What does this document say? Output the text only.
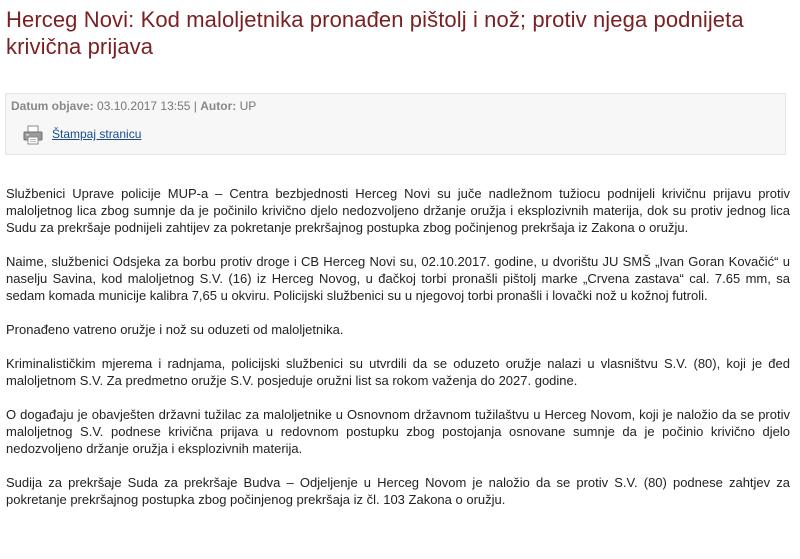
Herceg Novi: Kod maloljetnika pronađen pištolj i nož; protiv njega podnijeta krivična prijava
Datum objave: 03.10.2017 13:55 | Autor: UP
Štampaj stranicu

Službenici Uprave policije MUP-a – Centra bezbjednosti Herceg Novi su juče nadležnom tužiocu podnijeli krivičnu prijavu protiv maloljetnog lica zbog sumnje da je počinilo krivično djelo nedozvoljeno držanje oružja i eksplozivnih materija, dok su protiv jednog lica Sudu za prekršaje podnijeli zahtijev za pokretanje prekršajnog postupka zbog počinjenog prekršaja iz Zakona o oružju.

Naime, službenici Odsjeka za borbu protiv droge i CB Herceg Novi su, 02.10.2017. godine, u dvorištu JU SMŠ „Ivan Goran Kovačić“ u naselju Savina, kod maloljetnog S.V. (16) iz Herceg Novog, u đačkoj torbi pronašli pištolj marke „Crvena zastava“ cal. 7.65 mm, sa sedam komada municije kalibra 7,65 u okviru. Policijski službenici su u njegovoj torbi pronašli i lovački nož u kožnoj futroli.

Pronađeno vatreno oružje i nož su oduzeti od maloljetnika.

Kriminalističkim mjerema i radnjama, policijski službenici su utvrdili da se oduzeto oružje nalazi u vlasništvu S.V. (80), koji je đed maloljetnom S.V. Za predmetno oružje S.V. posjeduje oružni list sa rokom važenja do 2027. godine.

O događaju je obavješten državni tužilac za maloljetnike u Osnovnom državnom tužilaštvu u Herceg Novom, koji je naložio da se protiv maloljetnog S.V. podnese krivična prijava u redovnom postupku zbog postojanja osnovane sumnje da je počinio krivično djelo nedozvoljeno držanje oružja i eksplozivnih materija.

Sudija za prekršaje Suda za prekršaje Budva – Odjeljenje u Herceg Novom je naložio da se protiv S.V. (80) podnese zahtjev za pokretanje prekršajnog postupka zbog počinjenog prekršaja iz čl. 103 Zakona o oružju.
